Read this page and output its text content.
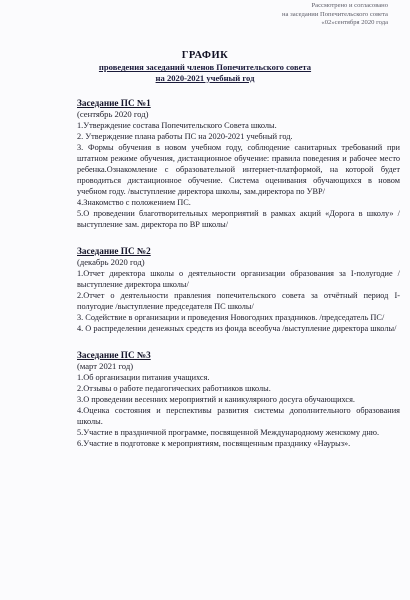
Рассмотрено и согласовано
на заседании Попечительского совета
«02»сентября 2020 года
ГРАФИК
проведения заседаний членов Попечительского совета
на 2020-2021 учебный год
Заседание ПС №1
(сентябрь 2020 год)
1.Утверждение состава Попечительского Совета школы.
2. Утверждение плана работы ПС на 2020-2021 учебный год.
3. Формы обучения в новом учебном году, соблюдение санитарных требований при штатном режиме обучения, дистанционное обучение: правила поведения и рабочее место ребенка.Ознакомление с образовательной интернет-платформой, на которой будет проводиться дистанционное обучение. Система оценивания обучающихся в новом учебном году. /выступление директора школы, зам.директора по УВР/
4.Знакомство с положением ПС.
5.О проведении благотворительных мероприятий в рамках акций «Дорога в школу» /выступление зам. директора по ВР школы/
Заседание ПС №2
(декабрь 2020 год)
1.Отчет директора школы о деятельности организации образования за I-полугодие /выступление директора школы/
2.Отчет о деятельности правления попечительского совета за отчётный период I-полугодие /выступление председателя ПС школы/
3. Содействие в организации и проведения Новогодних праздников. /председатель ПС/
4. О распределении денежных средств из фонда всеобуча /выступление директора школы/
Заседание ПС №3
(март 2021 год)
1.Об организации питания учащихся.
2.Отзывы о работе педагогических работников школы.
3.О проведении весенних мероприятий и каникулярного досуга обучающихся.
4.Оценка состояния и перспективы развития системы дополнительного образования школы.
5.Участие в праздничной программе, посвященной Международному женскому дню.
6.Участие в подготовке к мероприятиям, посвященным празднику «Наурыз».
